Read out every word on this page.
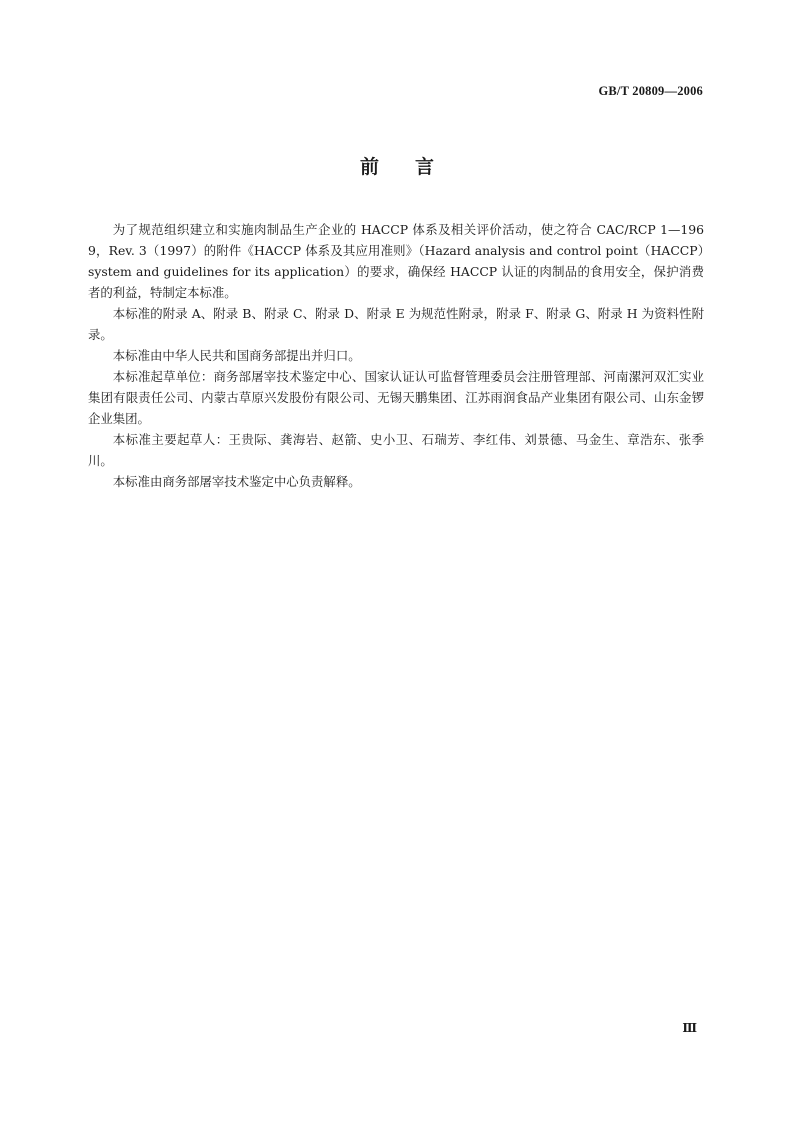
GB/T 20809—2006
前言

为了规范组织建立和实施肉制品生产企业的 HACCP 体系及相关评价活动，使之符合 CAC/RCP 1—1969，Rev. 3（1997）的附件《HACCP 体系及其应用准则》（Hazard analysis and control point（HACCP）system and guidelines for its application）的要求，确保经 HACCP 认证的肉制品的食用安全，保护消费者的利益，特制定本标准。

本标准的附录 A、附录 B、附录 C、附录 D、附录 E 为规范性附录，附录 F、附录 G、附录 H 为资料性附录。

本标准由中华人民共和国商务部提出并归口。

本标准起草单位：商务部屠宰技术鉴定中心、国家认证认可监督管理委员会注册管理部、河南漯河双汇实业集团有限责任公司、内蒙古草原兴发股份有限公司、无锡天鹏集团、江苏雨润食品产业集团有限公司、山东金锣企业集团。

本标准主要起草人：王贵际、龚海岩、赵箭、史小卫、石瑞芳、李红伟、刘景德、马金生、章浩东、张季川。

本标准由商务部屠宰技术鉴定中心负责解释。

Ⅲ
